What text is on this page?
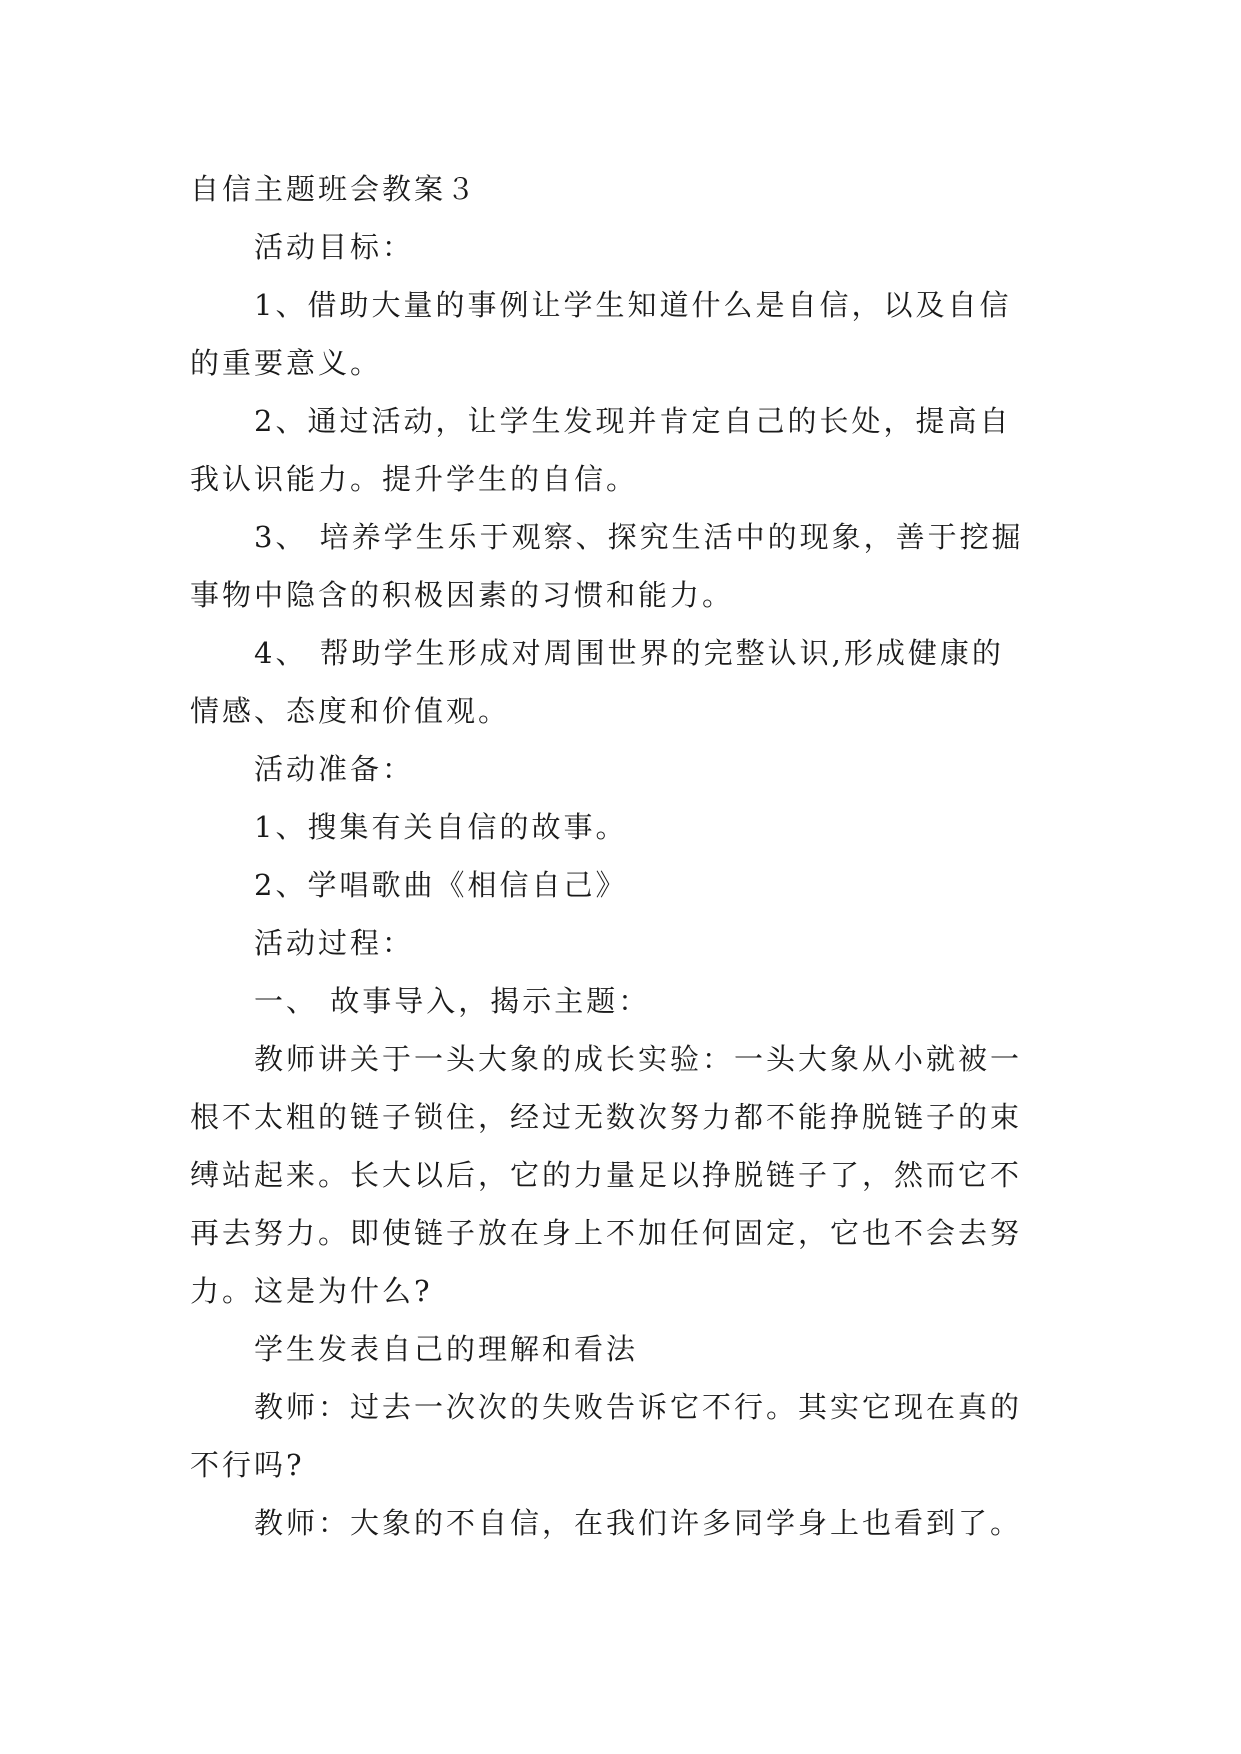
自信主题班会教案３
活动目标：
1、借助大量的事例让学生知道什么是自信，以及自信
的重要意义。
2、通过活动，让学生发现并肯定自己的长处，提高自
我认识能力。提升学生的自信。
3、 培养学生乐于观察、探究生活中的现象，善于挖掘
事物中隐含的积极因素的习惯和能力。
4、 帮助学生形成对周围世界的完整认识,形成健康的
情感、态度和价值观。
活动准备：
1、搜集有关自信的故事。
2、学唱歌曲《相信自己》
活动过程：
一、 故事导入，揭示主题：
教师讲关于一头大象的成长实验：一头大象从小就被一
根不太粗的链子锁住，经过无数次努力都不能挣脱链子的束
缚站起来。长大以后，它的力量足以挣脱链子了，然而它不
再去努力。即使链子放在身上不加任何固定，它也不会去努
力。这是为什么?
学生发表自己的理解和看法
教师：过去一次次的失败告诉它不行。其实它现在真的
不行吗?
教师：大象的不自信，在我们许多同学身上也看到了。
